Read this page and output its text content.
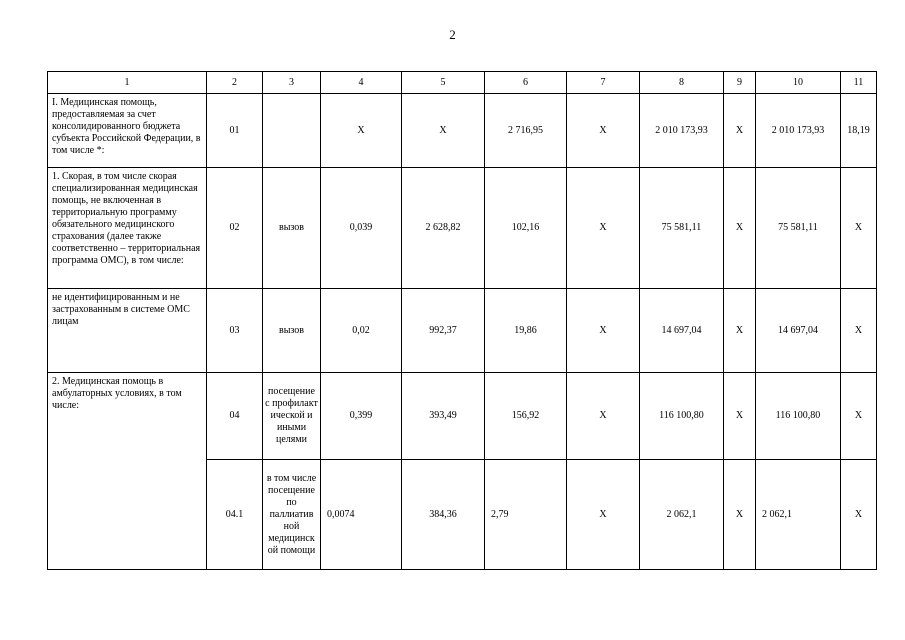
2
1	2	3	4	5	6	7	8	9	10	11
I. Медицинская помощь, предоставляемая за счет консолидированного бюджета субъекта Российской Федерации, в том числе *:	01		X	X	2 716,95	X	2 010 173,93	X	2 010 173,93	18,19
1. Скорая, в том числе скорая специализированная медицинская помощь, не включенная в территориальную программу обязательного медицинского страхования (далее также соответственно – территориальная программа ОМС), в том числе:	02	вызов	0,039	2 628,82	102,16	X	75 581,11	X	75 581,11	X
не идентифицированным и не застрахованным в системе ОМС лицам	03	вызов	0,02	992,37	19,86	X	14 697,04	X	14 697,04	X
2. Медицинская помощь в амбулаторных условиях, в том числе:	04	посещение с профилакт ической и иными целями	0,399	393,49	156,92	X	116 100,80	X	116 100,80	X
	04.1	в том числе посещение по паллиатив ной медицинск ой помощи	0,0074	384,36	2,79	X	2 062,1	X	2 062,1	X
